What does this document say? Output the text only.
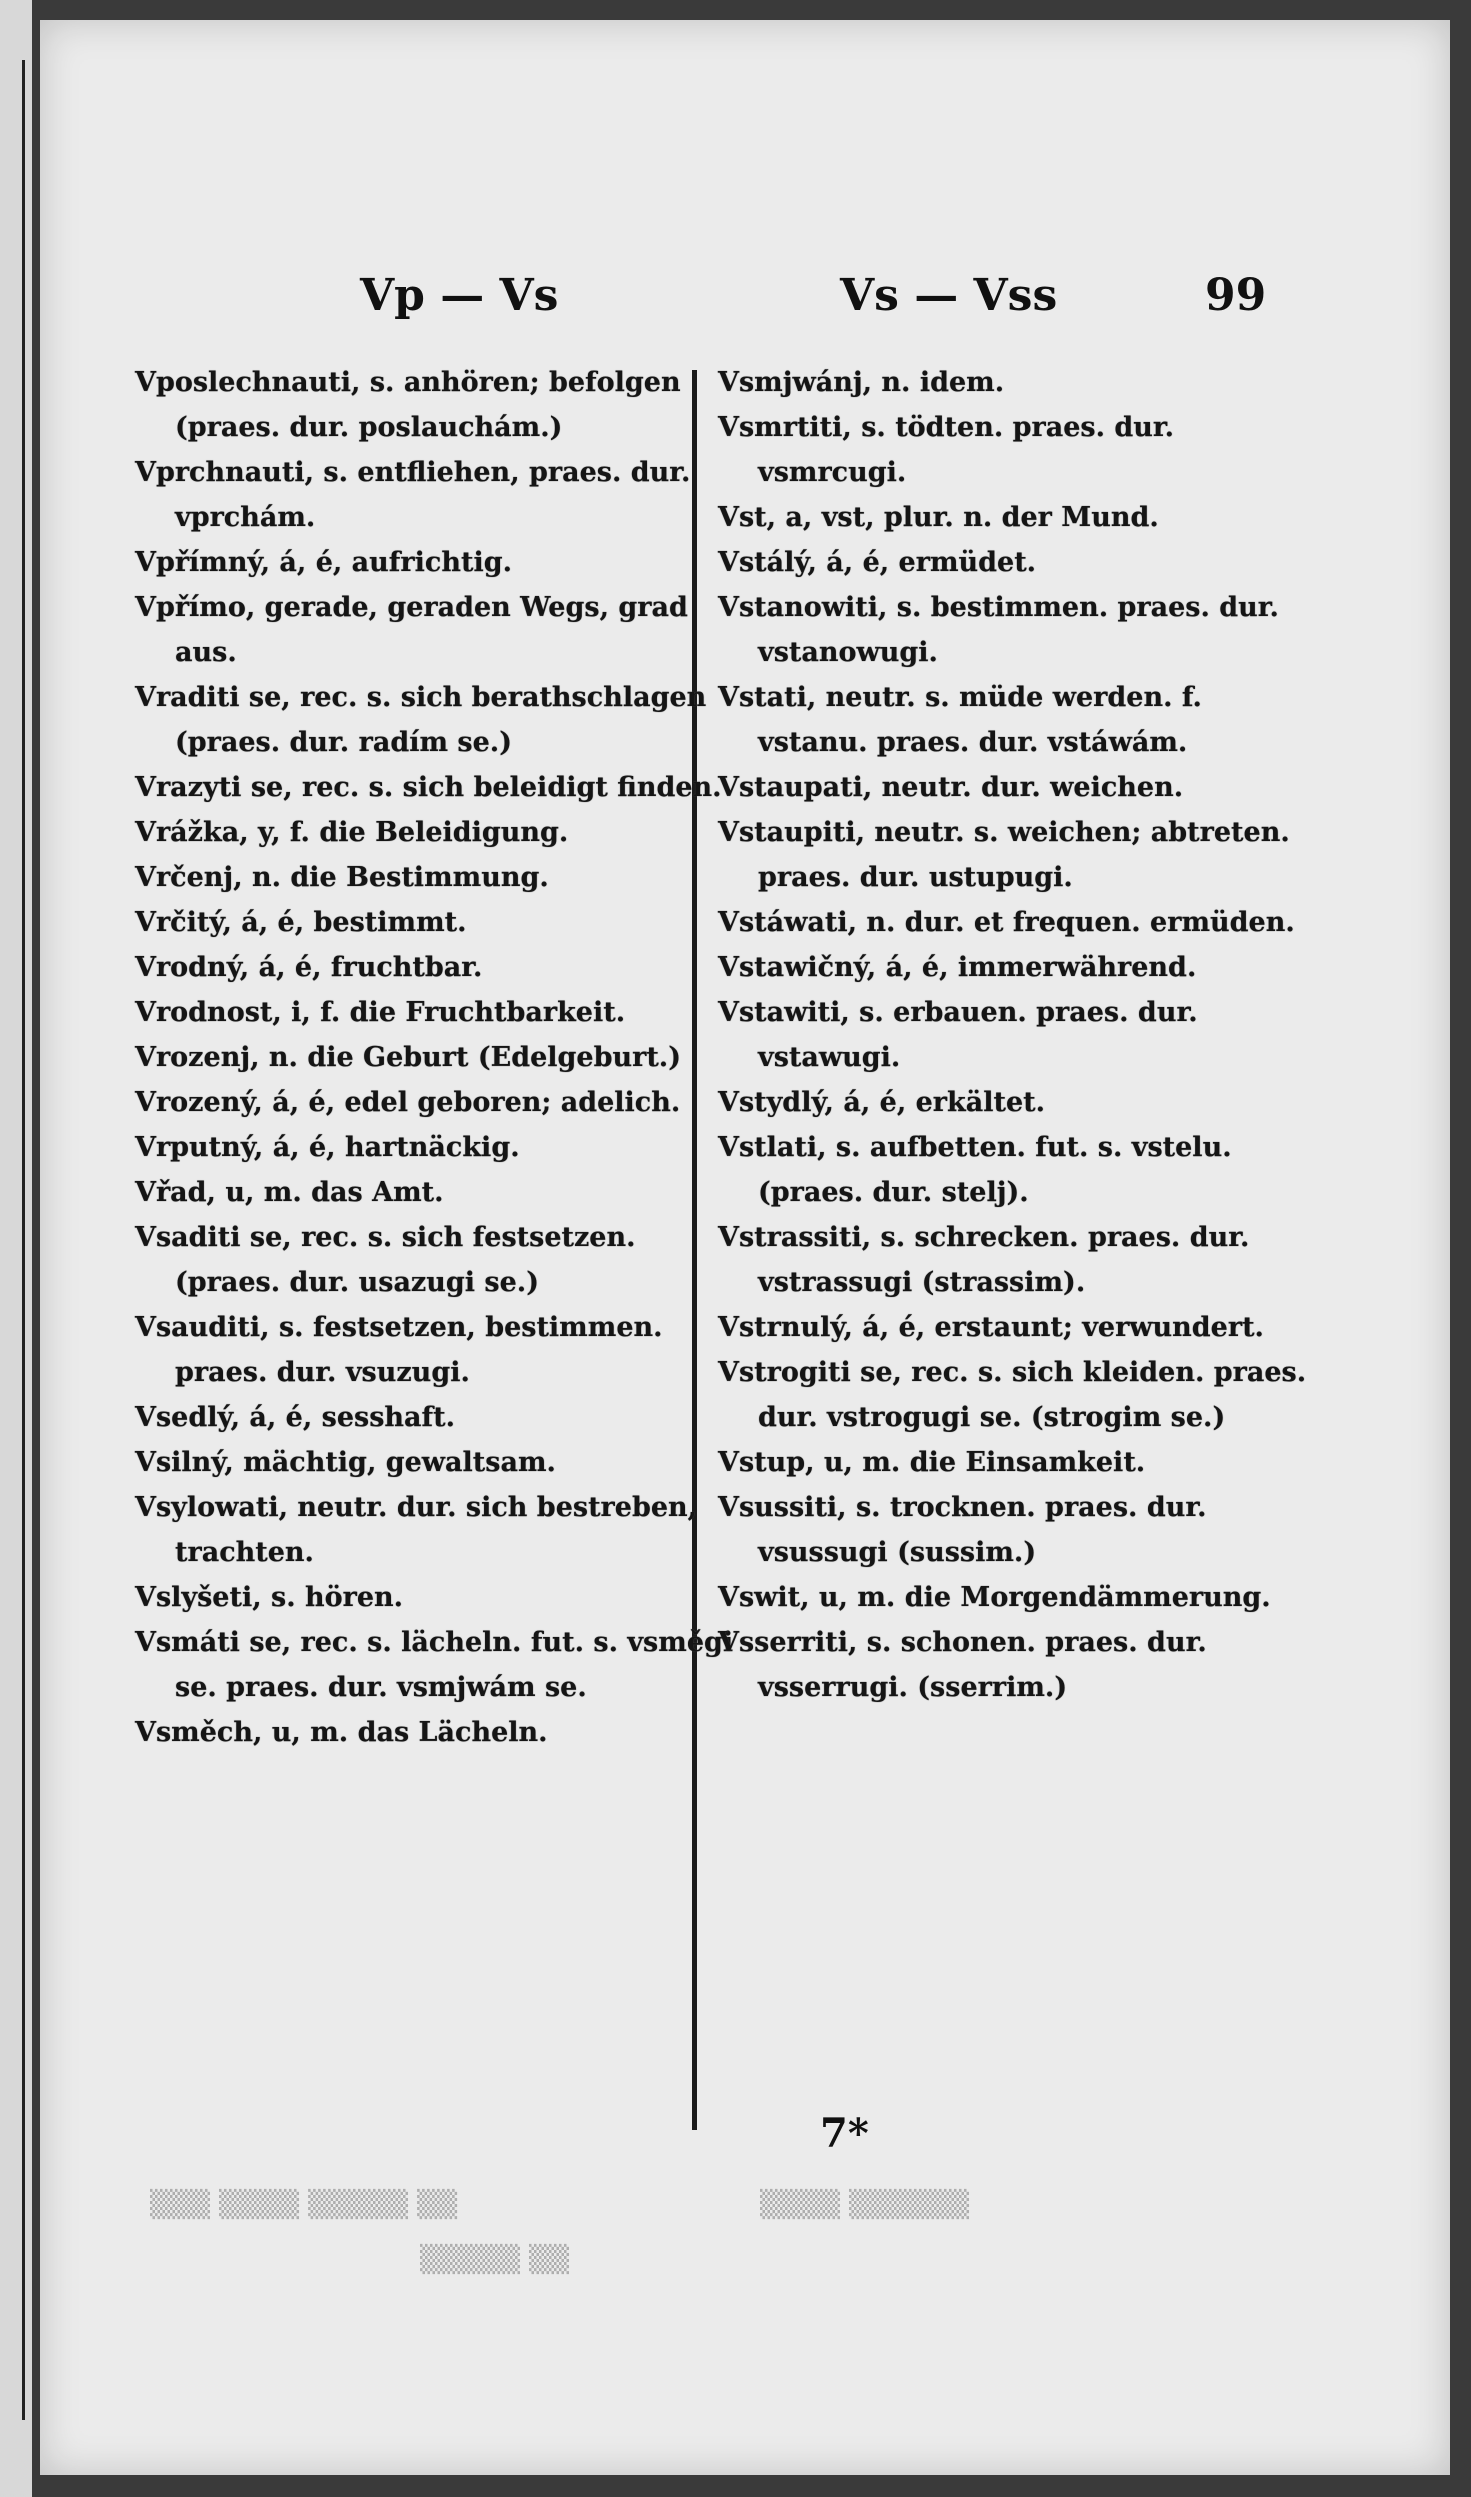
Vp — Vs	Vs — Vss	99
Vposlechnauti, s. anhören; befolgen (praes. dur. poslauchám.)
Vprchnauti, s. entfliehen, praes. dur. vprchám.
Vpřímný, á, é, aufrichtig.
Vpřímo, gerade, geraden Wegs, grad aus.
Vraditi se, rec. s. sich berathschlagen (praes. dur. radím se.)
Vrazyti se, rec. s. sich beleidigt finden.
Vrážka, y, f. die Beleidigung.
Vrčenj, n. die Bestimmung.
Vrčitý, á, é, bestimmt.
Vrodný, á, é, fruchtbar.
Vrodnost, i, f. die Fruchtbarkeit.
Vrozenj, n. die Geburt (Edelgeburt.)
Vrozený, á, é, edel geboren; adelich.
Vrputný, á, é, hartnäckig.
Vřad, u, m. das Amt.
Vsaditi se, rec. s. sich festsetzen. (praes. dur. usazugi se.)
Vsauditi, s. festsetzen, bestimmen. praes. dur. vsuzugi.
Vsedlý, á, é, sesshaft.
Vsilný, mächtig, gewaltsam.
Vsylowati, neutr. dur. sich bestreben, trachten.
Vslyšeti, s. hören.
Vsmáti se, rec. s. lächeln. fut. s. vsměgi se. praes. dur. vsmjwám se.
Vsměch, u, m. das Lächeln.
Vsmjwánj, n. idem.
Vsmrtiti, s. tödten. praes. dur. vsmrcugi.
Vst, a, vst, plur. n. der Mund.
Vstálý, á, é, ermüdet.
Vstanowiti, s. bestimmen. praes. dur. vstanowugi.
Vstati, neutr. s. müde werden. f. vstanu. praes. dur. vstáwám.
Vstaupati, neutr. dur. weichen.
Vstaupiti, neutr. s. weichen; abtreten. praes. dur. ustupugi.
Vstáwati, n. dur. et frequen. ermüden.
Vstawičný, á, é, immerwährend.
Vstawiti, s. erbauen. praes. dur. vstawugi.
Vstydlý, á, é, erkältet.
Vstlati, s. aufbetten. fut. s. vstelu. (praes. dur. stelj).
Vstrassiti, s. schrecken. praes. dur. vstrassugi (strassim).
Vstrnulý, á, é, erstaunt; verwundert.
Vstrogiti se, rec. s. sich kleiden. praes. dur. vstrogugi se. (strogim se.)
Vstup, u, m. die Einsamkeit.
Vsussiti, s. trocknen. praes. dur. vsussugi (sussim.)
Vswit, u, m. die Morgendämmerung.
Vsserriti, s. schonen. praes. dur. vsserrugi. (sserrim.)
7*
▒▒▒ ▒▒▒▒ ▒▒▒▒▒ ▒▒
▒▒▒▒▒ ▒▒
▒▒▒▒ ▒▒▒▒▒▒
